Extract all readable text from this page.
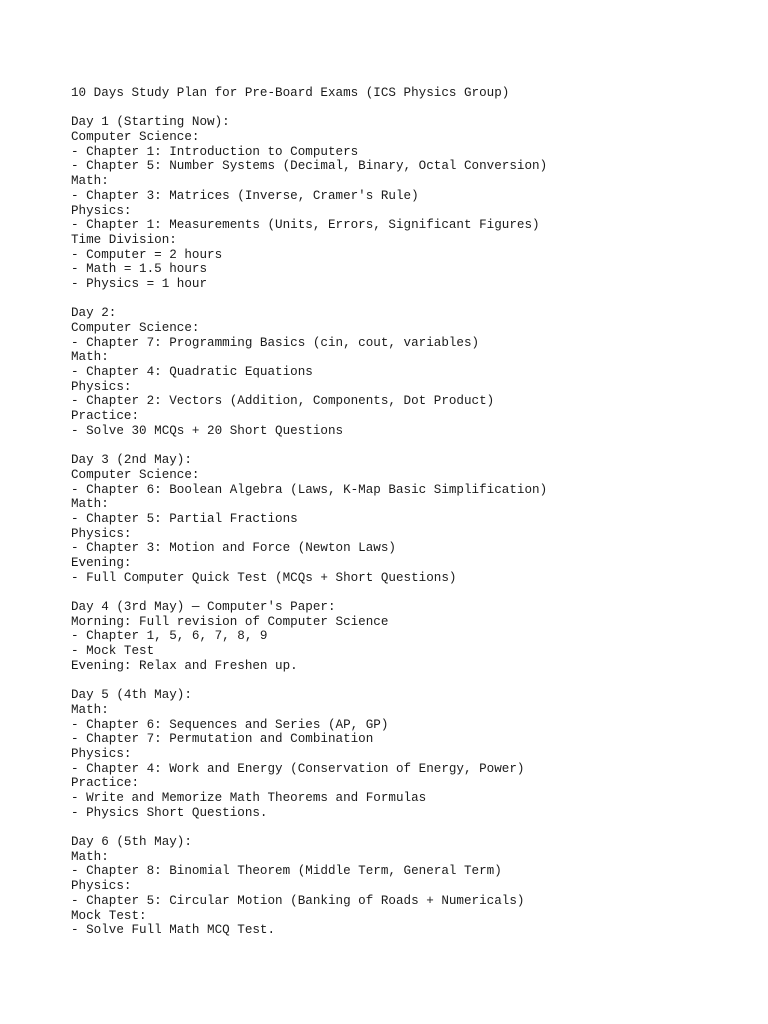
10 Days Study Plan for Pre-Board Exams (ICS Physics Group)
Day 1 (Starting Now):
Computer Science:
- Chapter 1: Introduction to Computers
- Chapter 5: Number Systems (Decimal, Binary, Octal Conversion)
Math:
- Chapter 3: Matrices (Inverse, Cramer's Rule)
Physics:
- Chapter 1: Measurements (Units, Errors, Significant Figures)
Time Division:
- Computer = 2 hours
- Math = 1.5 hours
- Physics = 1 hour
Day 2:
Computer Science:
- Chapter 7: Programming Basics (cin, cout, variables)
Math:
- Chapter 4: Quadratic Equations
Physics:
- Chapter 2: Vectors (Addition, Components, Dot Product)
Practice:
- Solve 30 MCQs + 20 Short Questions
Day 3 (2nd May):
Computer Science:
- Chapter 6: Boolean Algebra (Laws, K-Map Basic Simplification)
Math:
- Chapter 5: Partial Fractions
Physics:
- Chapter 3: Motion and Force (Newton Laws)
Evening:
- Full Computer Quick Test (MCQs + Short Questions)
Day 4 (3rd May) — Computer's Paper:
Morning: Full revision of Computer Science
- Chapter 1, 5, 6, 7, 8, 9
- Mock Test
Evening: Relax and Freshen up.
Day 5 (4th May):
Math:
- Chapter 6: Sequences and Series (AP, GP)
- Chapter 7: Permutation and Combination
Physics:
- Chapter 4: Work and Energy (Conservation of Energy, Power)
Practice:
- Write and Memorize Math Theorems and Formulas
- Physics Short Questions.
Day 6 (5th May):
Math:
- Chapter 8: Binomial Theorem (Middle Term, General Term)
Physics:
- Chapter 5: Circular Motion (Banking of Roads + Numericals)
Mock Test:
- Solve Full Math MCQ Test.
